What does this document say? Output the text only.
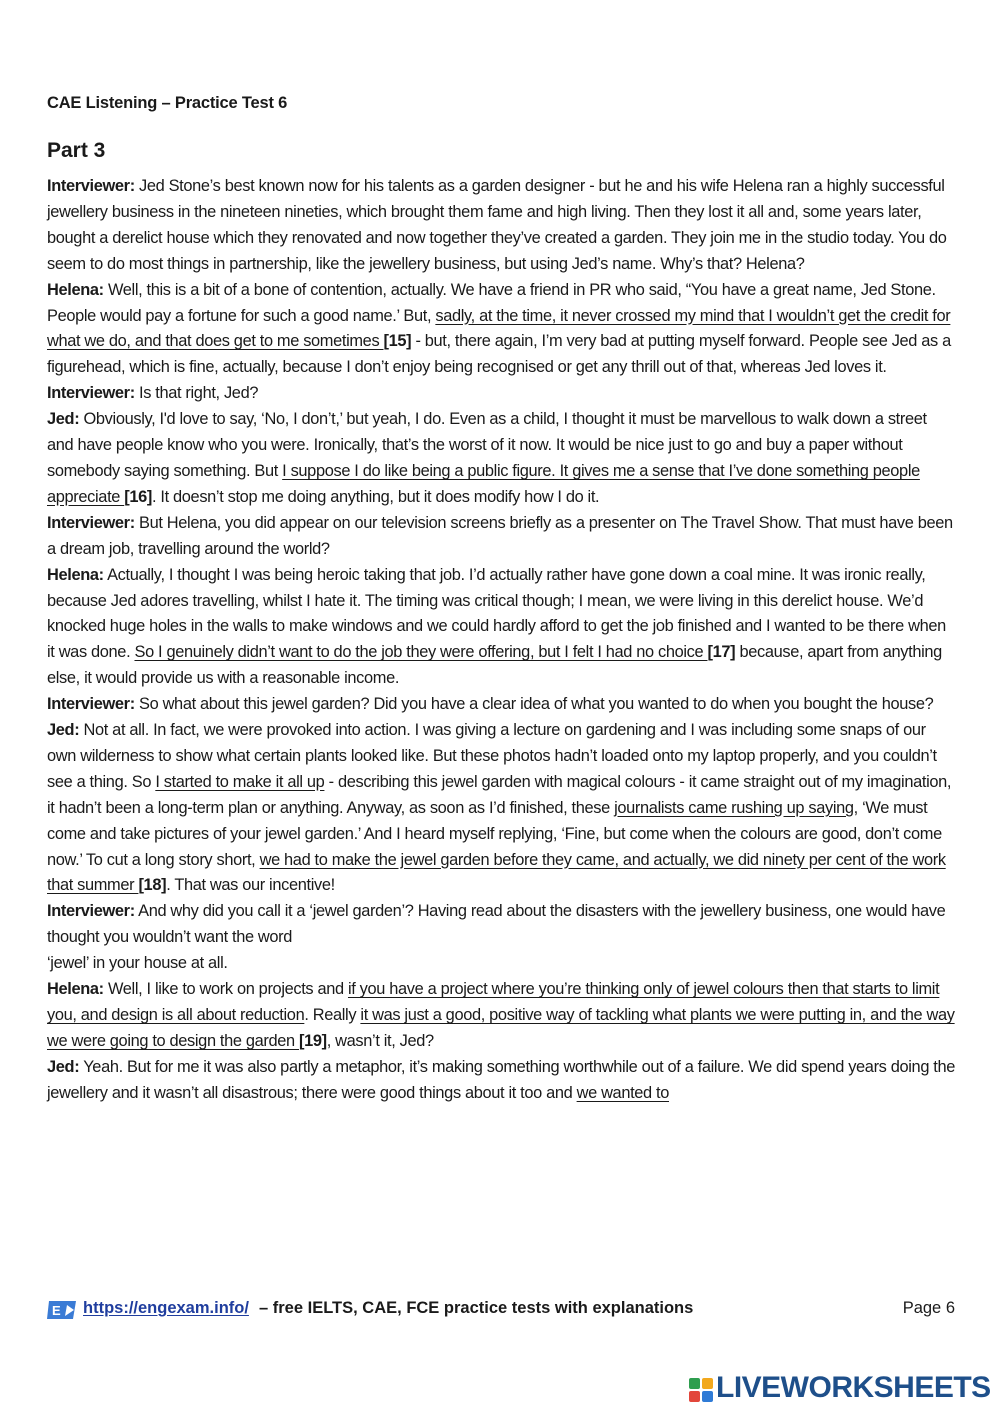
CAE Listening – Practice Test 6
Part 3

Interviewer: Jed Stone’s best known now for his talents as a garden designer - but he and his wife Helena ran a highly successful jewellery business in the nineteen nineties, which brought them fame and high living. Then they lost it all and, some years later, bought a derelict house which they renovated and now together they’ve created a garden. They join me in the studio today. You do seem to do most things in partnership, like the jewellery business, but using Jed’s name. Why’s that? Helena?

Helena: Well, this is a bit of a bone of contention, actually. We have a friend in PR who said, “You have a great name, Jed Stone. People would pay a fortune for such a good name.’ But, sadly, at the time, it never crossed my mind that I wouldn’t get the credit for what we do, and that does get to me sometimes [15] - but, there again, I’m very bad at putting myself forward. People see Jed as a figurehead, which is fine, actually, because I don’t enjoy being recognised or get any thrill out of that, whereas Jed loves it.

Interviewer: Is that right, Jed?

Jed: Obviously, I'd love to say, ‘No, I don’t,’ but yeah, I do. Even as a child, I thought it must be marvellous to walk down a street and have people know who you were. Ironically, that’s the worst of it now. It would be nice just to go and buy a paper without somebody saying something. But I suppose I do like being a public figure. It gives me a sense that I’ve done something people appreciate [16]. It doesn’t stop me doing anything, but it does modify how I do it.

Interviewer: But Helena, you did appear on our television screens briefly as a presenter on The Travel Show. That must have been a dream job, travelling around the world?

Helena: Actually, I thought I was being heroic taking that job. I’d actually rather have gone down a coal mine. It was ironic really, because Jed adores travelling, whilst I hate it. The timing was critical though; I mean, we were living in this derelict house. We’d knocked huge holes in the walls to make windows and we could hardly afford to get the job finished and I wanted to be there when it was done. So I genuinely didn’t want to do the job they were offering, but I felt I had no choice [17] because, apart from anything else, it would provide us with a reasonable income.

Interviewer: So what about this jewel garden? Did you have a clear idea of what you wanted to do when you bought the house?

Jed: Not at all. In fact, we were provoked into action. I was giving a lecture on gardening and I was including some snaps of our own wilderness to show what certain plants looked like. But these photos hadn’t loaded onto my laptop properly, and you couldn’t see a thing. So I started to make it all up - describing this jewel garden with magical colours - it came straight out of my imagination, it hadn’t been a long-term plan or anything. Anyway, as soon as I’d finished, these journalists came rushing up saying, ‘We must come and take pictures of your jewel garden.’ And I heard myself replying, ‘Fine, but come when the colours are good, don’t come now.’ To cut a long story short, we had to make the jewel garden before they came, and actually, we did ninety per cent of the work that summer [18]. That was our incentive!

Interviewer: And why did you call it a ‘jewel garden’? Having read about the disasters with the jewellery business, one would have thought you wouldn’t want the word
‘jewel’ in your house at all.

Helena: Well, I like to work on projects and if you have a project where you’re thinking only of jewel colours then that starts to limit you, and design is all about reduction. Really it was just a good, positive way of tackling what plants we were putting in, and the way we were going to design the garden [19], wasn’t it, Jed?

Jed: Yeah. But for me it was also partly a metaphor, it’s making something worthwhile out of a failure. We did spend years doing the jewellery and it wasn’t all disastrous; there were good things about it too and we wanted to

E https://engexam.info/ – free IELTS, CAE, FCE practice tests with explanations	Page 6
LIVEWORKSHEETS
